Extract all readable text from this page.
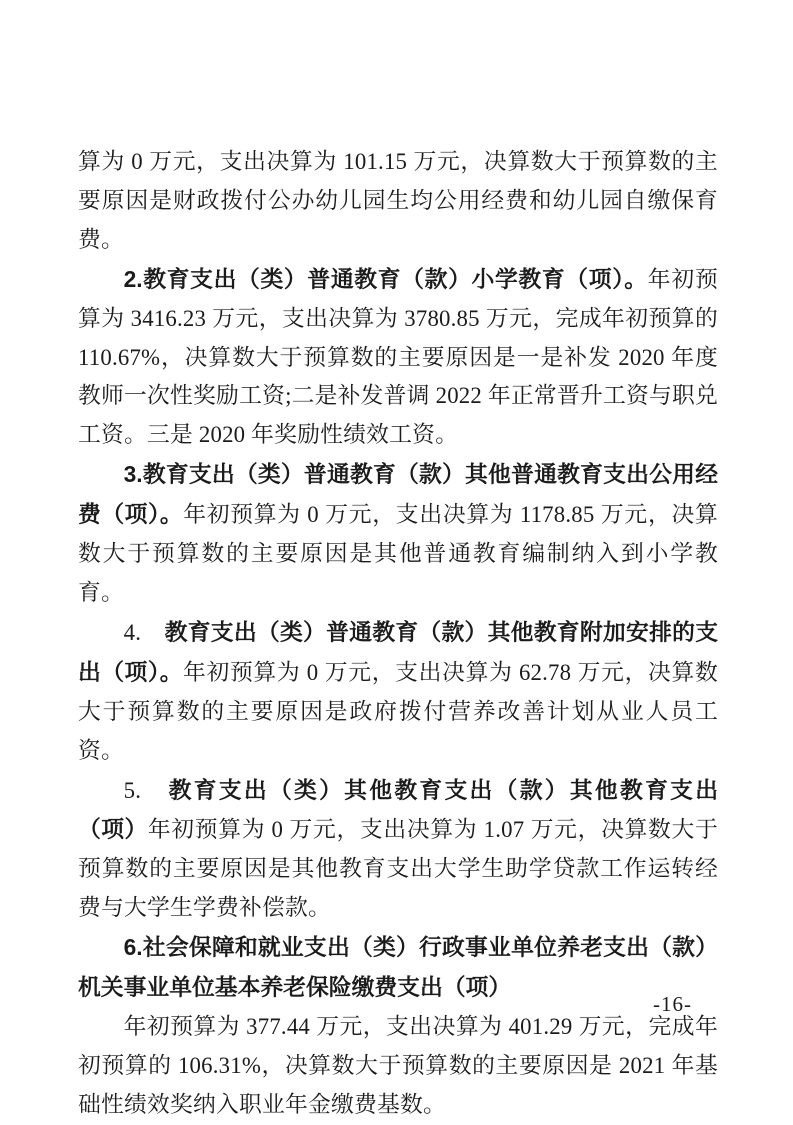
算为 0 万元，支出决算为 101.15 万元，决算数大于预算数的主要原因是财政拨付公办幼儿园生均公用经费和幼儿园自缴保育费。

2.教育支出（类）普通教育（款）小学教育（项）。年初预算为 3416.23 万元，支出决算为 3780.85 万元，完成年初预算的 110.67%，决算数大于预算数的主要原因是一是补发 2020 年度教师一次性奖励工资;二是补发普调 2022 年正常晋升工资与职兑工资。三是 2020 年奖励性绩效工资。

3.教育支出（类）普通教育（款）其他普通教育支出公用经费（项）。年初预算为 0 万元，支出决算为 1178.85 万元，决算数大于预算数的主要原因是其他普通教育编制纳入到小学教育。

4.　教育支出（类）普通教育（款）其他教育附加安排的支出（项）。年初预算为 0 万元，支出决算为 62.78 万元，决算数大于预算数的主要原因是政府拨付营养改善计划从业人员工资。

5.　教育支出（类）其他教育支出（款）其他教育支出（项）年初预算为 0 万元，支出决算为 1.07 万元，决算数大于预算数的主要原因是其他教育支出大学生助学贷款工作运转经费与大学生学费补偿款。

6.社会保障和就业支出（类）行政事业单位养老支出（款）机关事业单位基本养老保险缴费支出（项）

年初预算为 377.44 万元，支出决算为 401.29 万元，完成年初预算的 106.31%，决算数大于预算数的主要原因是 2021 年基础性绩效奖纳入职业年金缴费基数。

-16-
